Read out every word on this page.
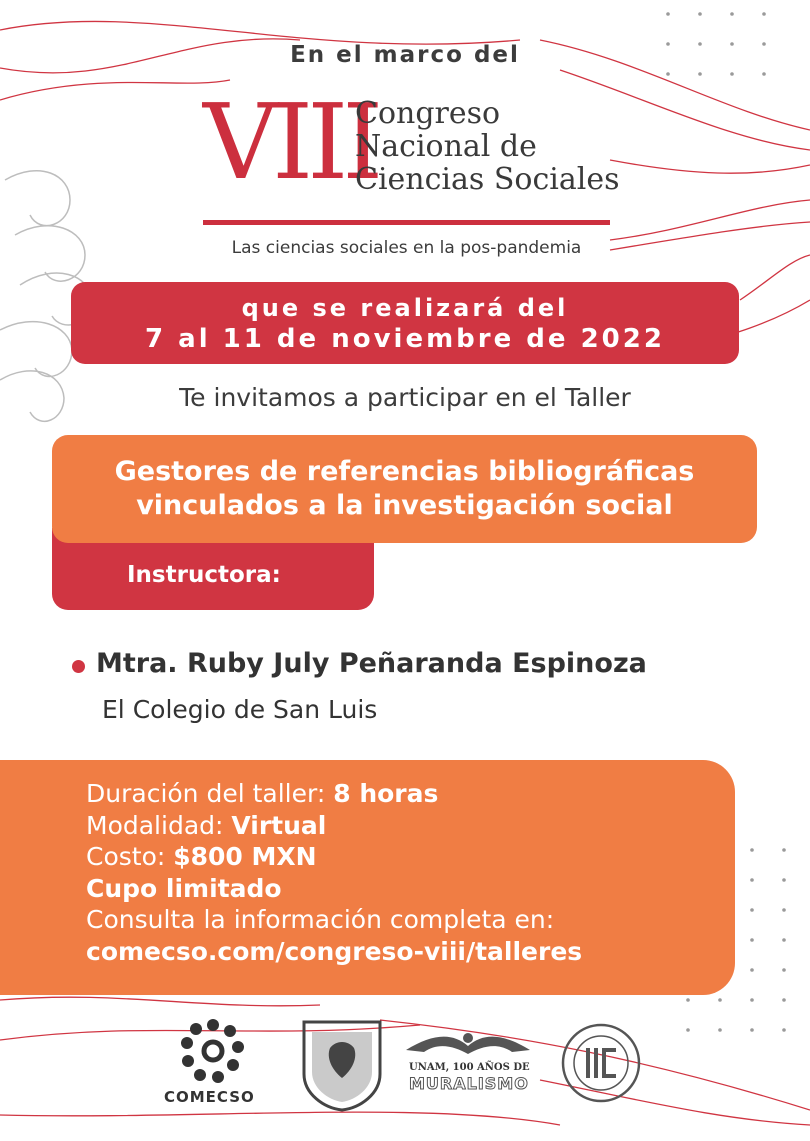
En el marco del
VIII
Congreso
Nacional de
Ciencias Sociales
Las ciencias sociales en la pos-pandemia
que se realizará del
7 al 11 de noviembre de 2022
Te invitamos a participar en el Taller
Instructora:
Gestores de referencias bibliográficas
vinculados a la investigación social
Mtra. Ruby July Peñaranda Espinoza
El Colegio de San Luis
Duración del taller: 8 horas
Modalidad: Virtual
Costo: $800 MXN
Cupo limitado
Consulta la información completa en:
comecso.com/congreso-viii/talleres
COMECSO
UNAM, 100 AÑOS DE
MURALISMO
